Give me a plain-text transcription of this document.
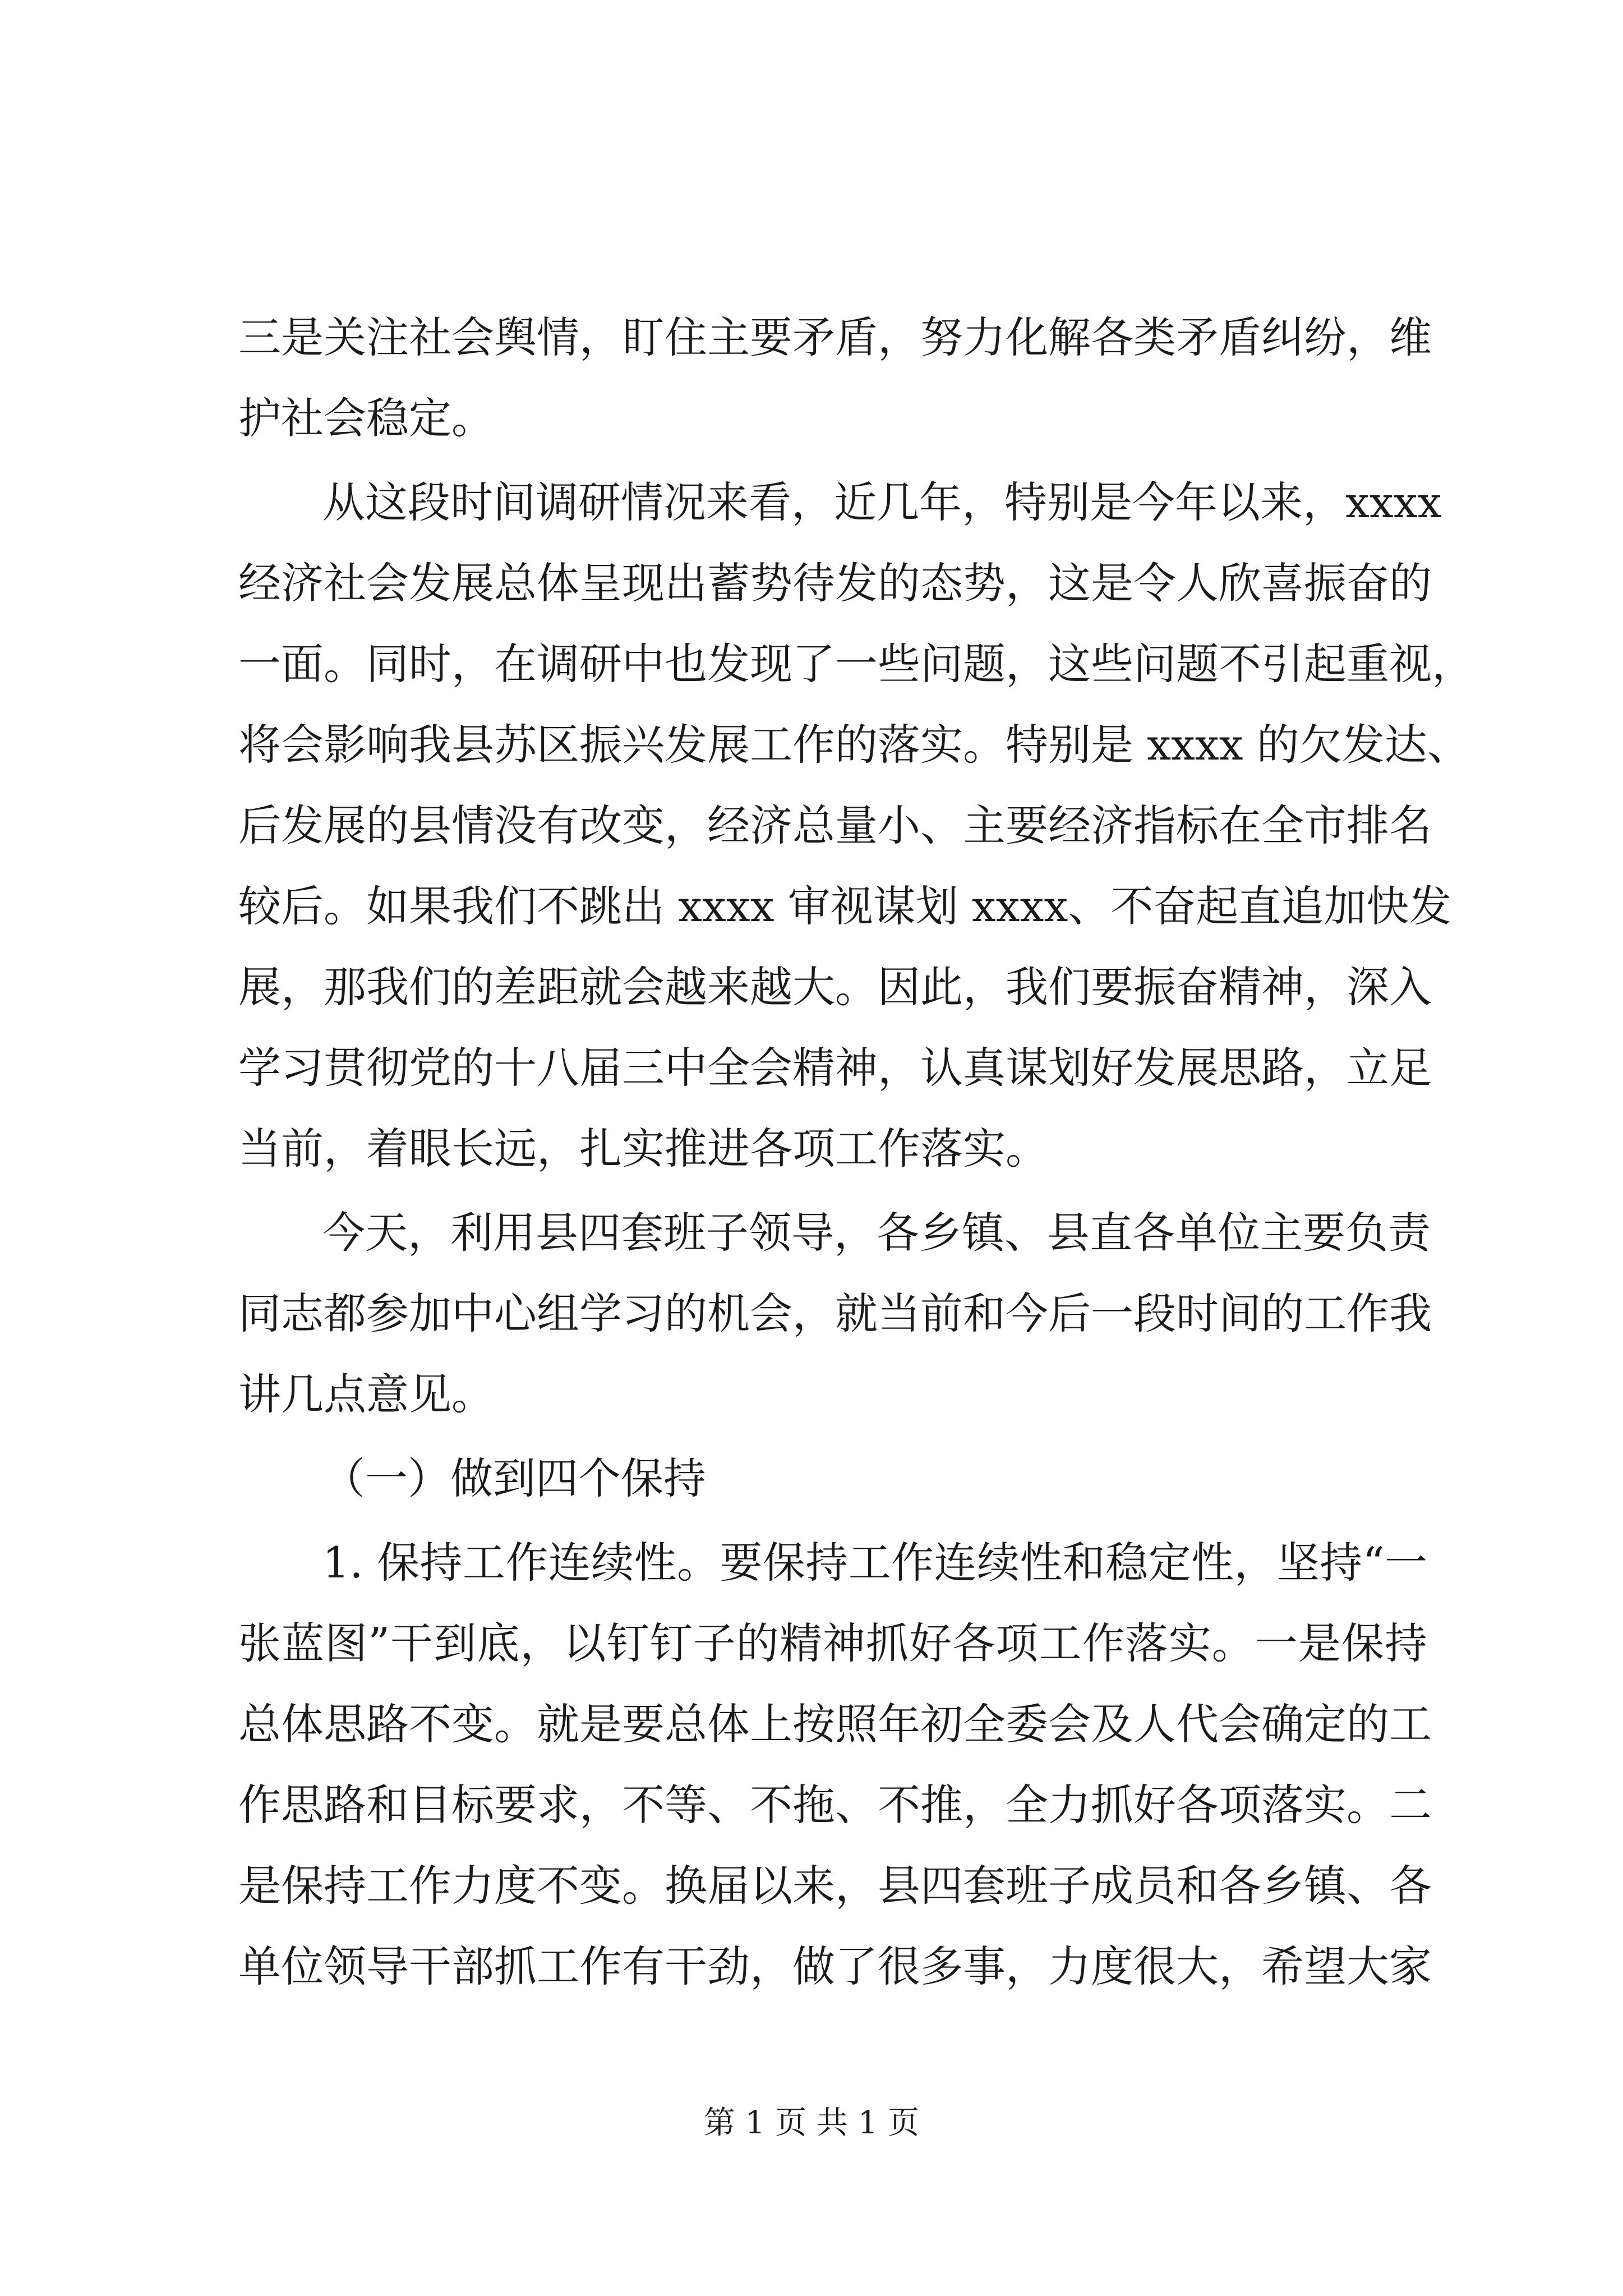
三是关注社会舆情，盯住主要矛盾，努力化解各类矛盾纠纷，维
护社会稳定。
从这段时间调研情况来看，近几年，特别是今年以来，xxxx
经济社会发展总体呈现出蓄势待发的态势，这是令人欣喜振奋的
一面。同时，在调研中也发现了一些问题，这些问题不引起重视，
将会影响我县苏区振兴发展工作的落实。特别是 xxxx 的欠发达、
后发展的县情没有改变，经济总量小、主要经济指标在全市排名
较后。如果我们不跳出 xxxx 审视谋划 xxxx、不奋起直追加快发
展，那我们的差距就会越来越大。因此，我们要振奋精神，深入
学习贯彻党的十八届三中全会精神，认真谋划好发展思路，立足
当前，着眼长远，扎实推进各项工作落实。
今天，利用县四套班子领导，各乡镇、县直各单位主要负责
同志都参加中心组学习的机会，就当前和今后一段时间的工作我
讲几点意见。
（一）做到四个保持
1. 保持工作连续性。要保持工作连续性和稳定性，坚持“一
张蓝图”干到底，以钉钉子的精神抓好各项工作落实。一是保持
总体思路不变。就是要总体上按照年初全委会及人代会确定的工
作思路和目标要求，不等、不拖、不推，全力抓好各项落实。二
是保持工作力度不变。换届以来，县四套班子成员和各乡镇、各
单位领导干部抓工作有干劲，做了很多事，力度很大，希望大家
第 1 页 共 1 页
